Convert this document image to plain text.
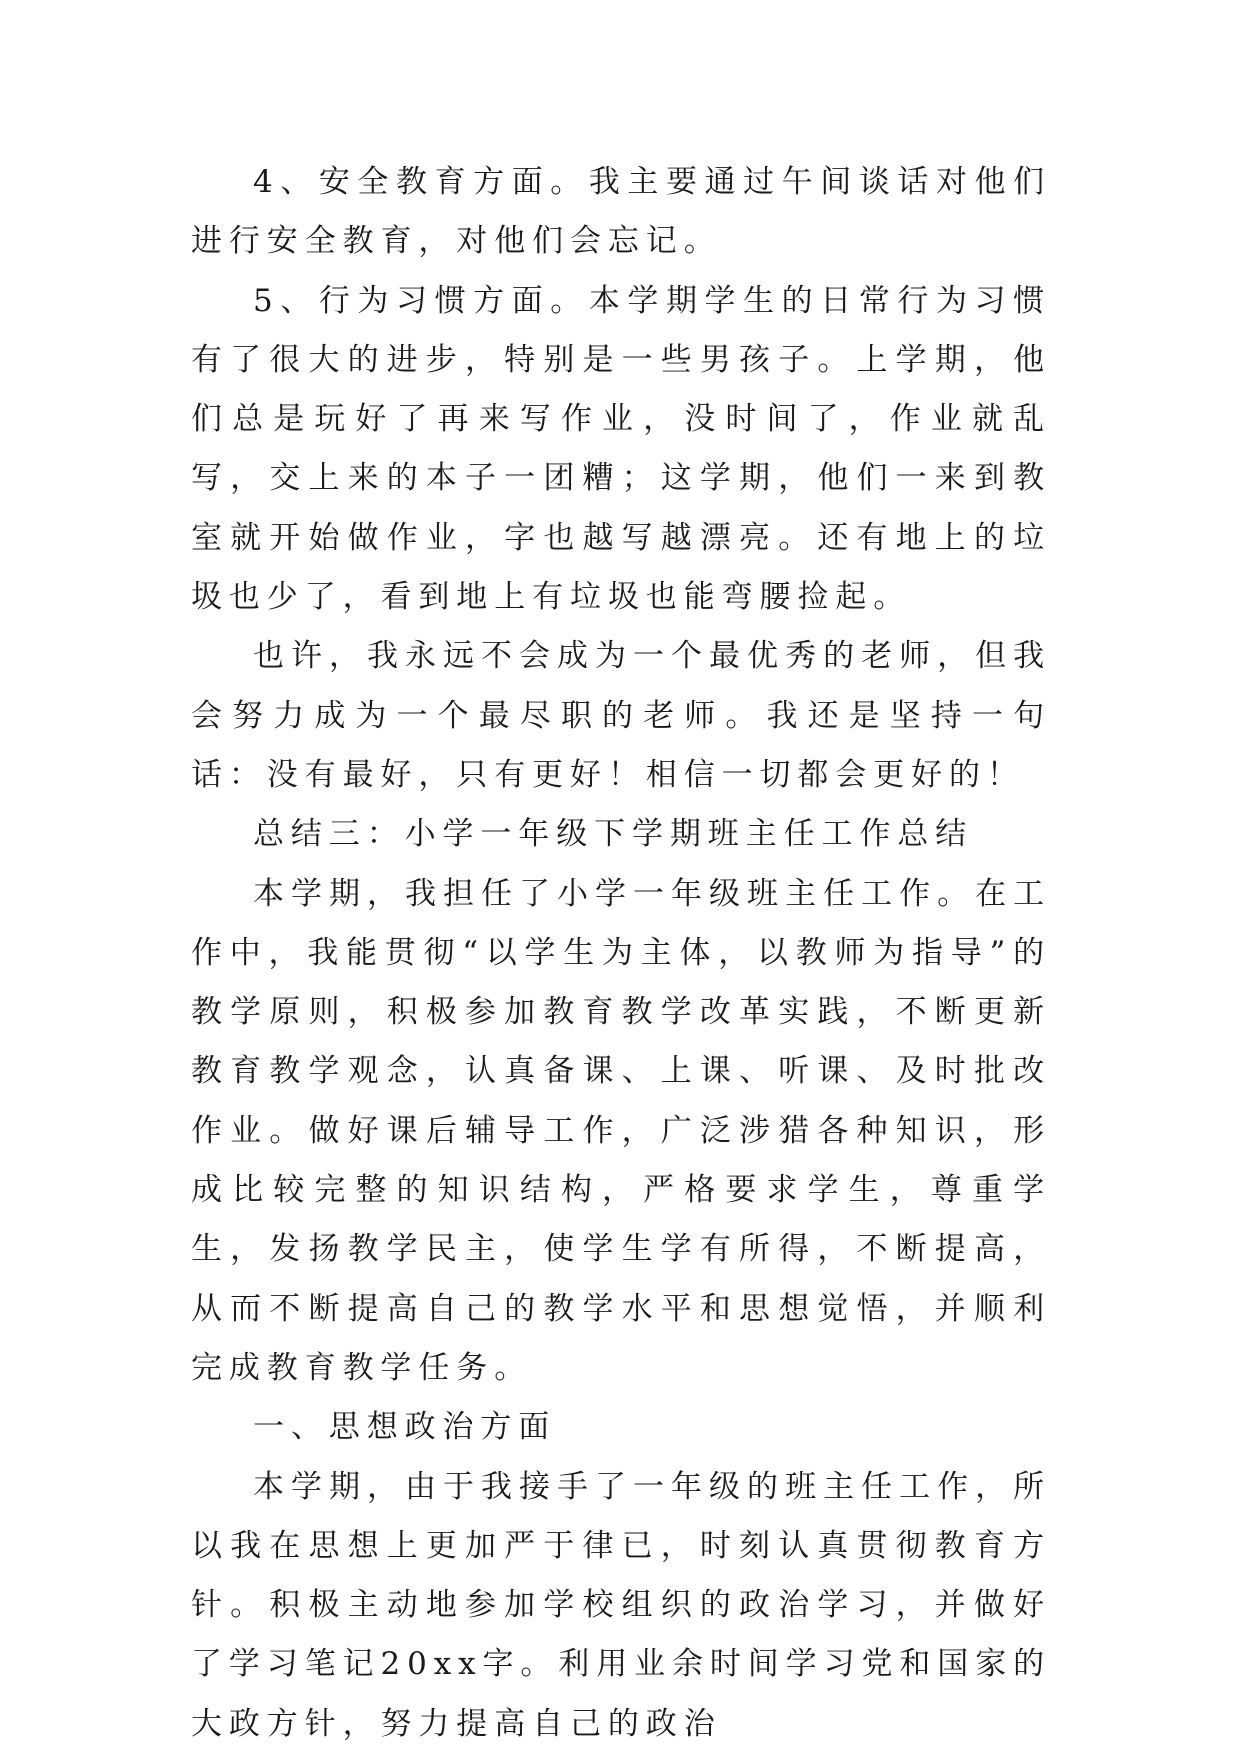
4、安全教育方面。我主要通过午间谈话对他们进行安全教育，对他们会忘记。

5、行为习惯方面。本学期学生的日常行为习惯有了很大的进步，特别是一些男孩子。上学期，他们总是玩好了再来写作业，没时间了，作业就乱写，交上来的本子一团糟；这学期，他们一来到教室就开始做作业，字也越写越漂亮。还有地上的垃圾也少了，看到地上有垃圾也能弯腰捡起。

也许，我永远不会成为一个最优秀的老师，但我会努力成为一个最尽职的老师。我还是坚持一句话：没有最好，只有更好！相信一切都会更好的！

总结三：小学一年级下学期班主任工作总结

本学期，我担任了小学一年级班主任工作。在工作中，我能贯彻“以学生为主体，以教师为指导”的教学原则，积极参加教育教学改革实践，不断更新教育教学观念，认真备课、上课、听课、及时批改作业。做好课后辅导工作，广泛涉猎各种知识，形成比较完整的知识结构，严格要求学生，尊重学生，发扬教学民主，使学生学有所得，不断提高，从而不断提高自己的教学水平和思想觉悟，并顺利完成教育教学任务。

一、思想政治方面

本学期，由于我接手了一年级的班主任工作，所以我在思想上更加严于律已，时刻认真贯彻教育方针。积极主动地参加学校组织的政治学习，并做好了学习笔记20xx字。利用业余时间学习党和国家的大政方针，努力提高自己的政治
